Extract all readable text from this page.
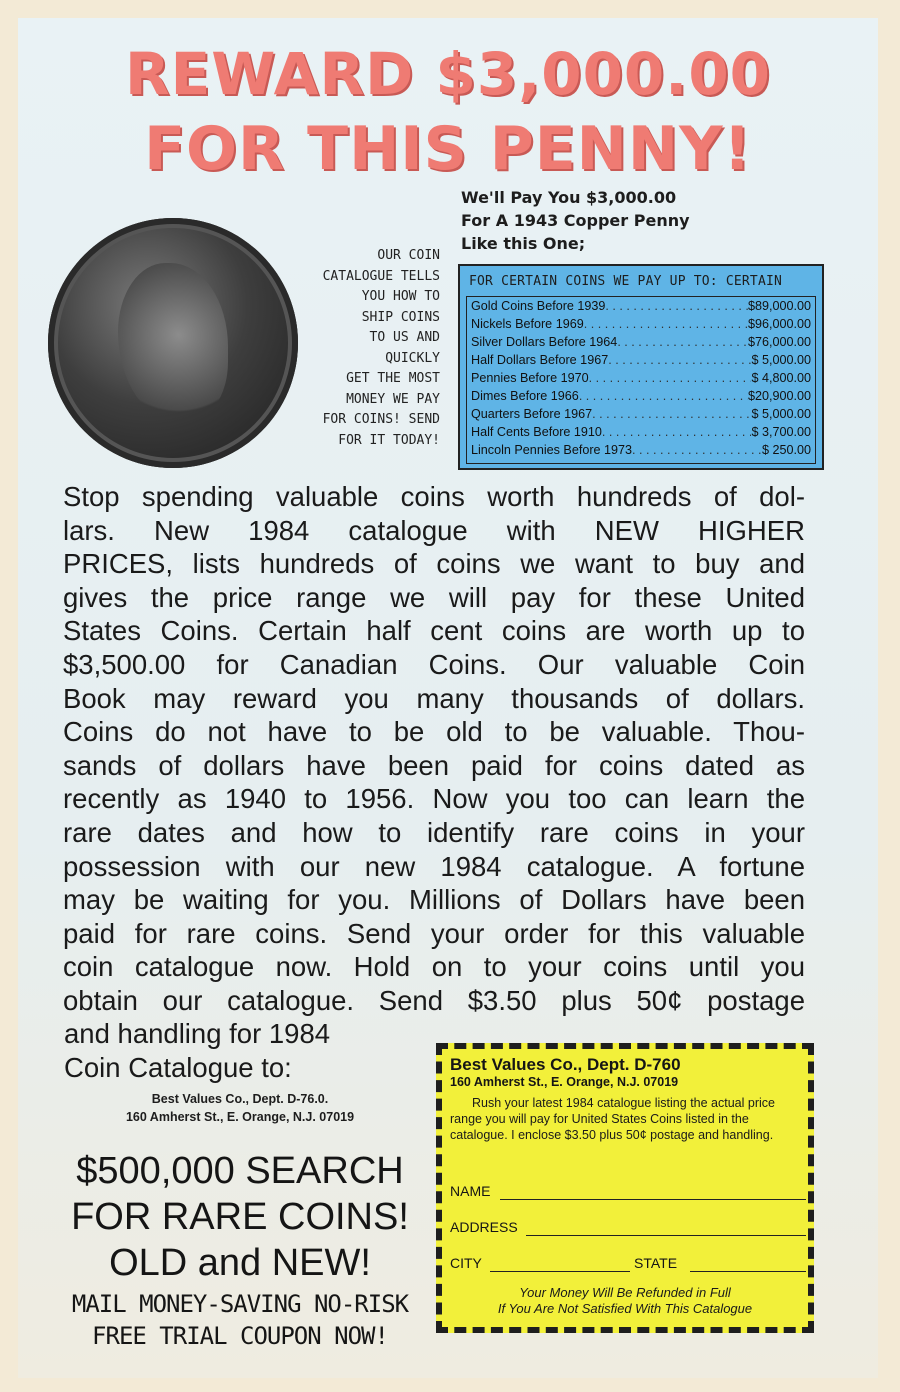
REWARD $3,000.00
FOR THIS PENNY!
OUR COIN
CATALOGUE TELLS
YOU HOW TO
SHIP COINS
TO US AND
QUICKLY
GET THE MOST
MONEY WE PAY
FOR COINS! SEND
FOR IT TODAY!
We'll Pay You $3,000.00
For A 1943 Copper Penny
Like this One;
FOR CERTAIN COINS WE PAY UP TO: CERTAIN
Gold Coins Before 1939 . . .	$89,000.00
Nickels Before 1969 . . .	$96,000.00
Silver Dollars Before 1964 . . .	$76,000.00
Half Dollars Before 1967 . . .	$ 5,000.00
Pennies Before 1970 . . .	$ 4,800.00
Dimes Before 1966 . . .	$20,900.00
Quarters Before 1967 . . .	$ 5,000.00
Half Cents Before 1910 . . .	$ 3,700.00
Lincoln Pennies Before 1973 . . .	$ 250.00
Stop spending valuable coins worth hundreds of dol-
lars. New 1984 catalogue with NEW HIGHER
PRICES, lists hundreds of coins we want to buy and
gives the price range we will pay for these United
States Coins. Certain half cent coins are worth up to
$3,500.00 for Canadian Coins. Our valuable Coin
Book may reward you many thousands of dollars.
Coins do not have to be old to be valuable. Thou-
sands of dollars have been paid for coins dated as
recently as 1940 to 1956. Now you too can learn the
rare dates and how to identify rare coins in your
possession with our new 1984 catalogue. A fortune
may be waiting for you. Millions of Dollars have been
paid for rare coins. Send your order for this valuable
coin catalogue now. Hold on to your coins until you
obtain our catalogue. Send $3.50 plus 50¢ postage
and handling for 1984
Coin Catalogue to:
Best Values Co., Dept. D-76.0.
160 Amherst St., E. Orange, N.J. 07019
$500,000 SEARCH
FOR RARE COINS!
OLD and NEW!
MAIL MONEY-SAVING NO-RISK
FREE TRIAL COUPON NOW!
Best Values Co., Dept. D-760
160 Amherst St., E. Orange, N.J. 07019
Rush your latest 1984 catalogue listing the actual price range you will pay for United States Coins listed in the catalogue. I enclose $3.50 plus 50¢ postage and handling.
NAME
ADDRESS
CITY	STATE
Your Money Will Be Refunded in Full
If You Are Not Satisfied With This Catalogue
